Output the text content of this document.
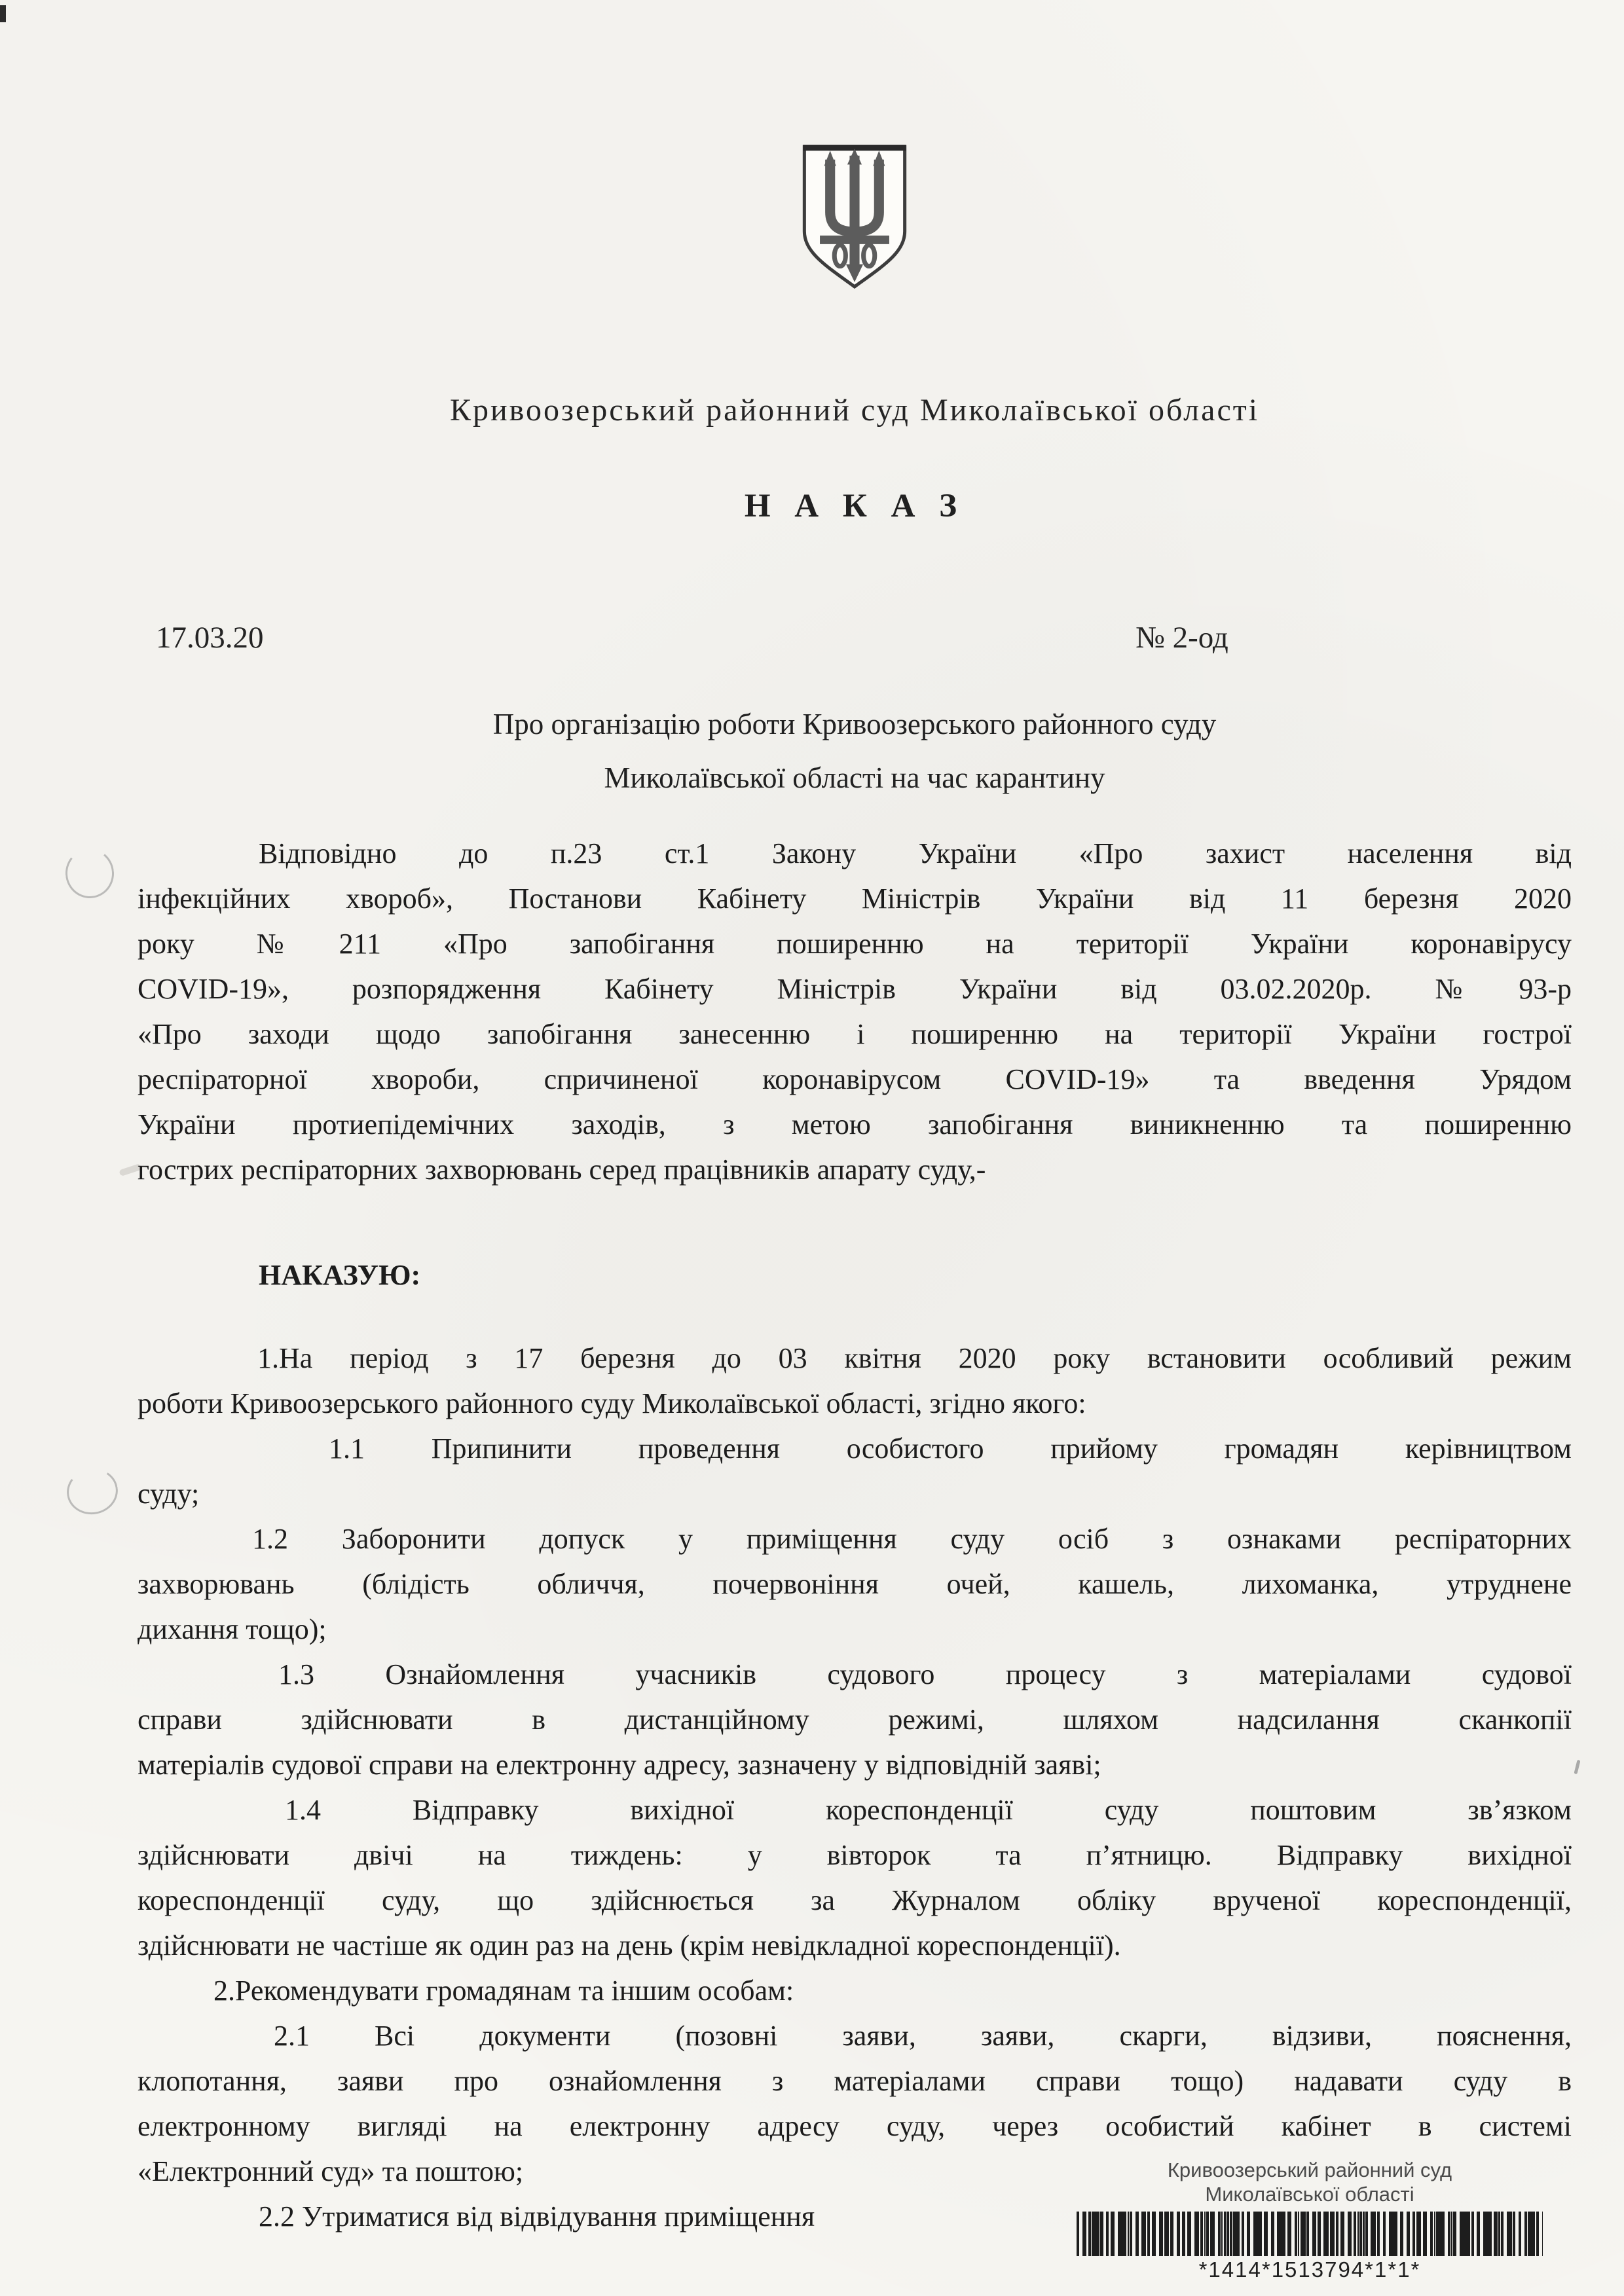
Кривоозерський районний суд Миколаївської області
Н А К А З
17.03.20	№ 2-од
Про організацію роботи Кривоозерського районного суду
Миколаївської області на час карантину
Відповідно до п.23 ст.1 Закону України «Про захист населення від
інфекційних хвороб», Постанови Кабінету Міністрів України від 11 березня 2020
року №211 «Про запобігання поширенню на території України коронавірусу
COVID-19», розпорядження Кабінету Міністрів України від 03.02.2020р. №93-р
«Про заходи щодо запобігання занесенню і поширенню на території України гострої
респіраторної хвороби, спричиненої коронавірусом COVID-19» та введення Урядом
України протиепідемічних заходів, з метою запобігання виникненню та поширенню
гострих респіраторних захворювань серед працівників апарату суду,-
НАКАЗУЮ:
1.На період з 17 березня до 03 квітня 2020 року встановити особливий режим
роботи Кривоозерського районного суду Миколаївської області, згідно якого:
1.1 Припинити проведення особистого прийому громадян керівництвом
суду;
1.2 Заборонити допуск у приміщення суду осіб з ознаками респіраторних
захворювань (блідість обличчя, почервоніння очей, кашель, лихоманка, утруднене
дихання тощо);
1.3 Ознайомлення учасників судового процесу з матеріалами судової
справи здійснювати в дистанційному режимі, шляхом надсилання сканкопії
матеріалів судової справи на електронну адресу, зазначену у відповідній заяві;
1.4 Відправку вихідної кореспонденції суду поштовим зв’язком
здійснювати двічі на тиждень: у вівторок та п’ятницю. Відправку вихідної
кореспонденції суду, що здійснюється за Журналом обліку врученої кореспонденції,
здійснювати не частіше як один раз на день (крім невідкладної кореспонденції).
2.Рекомендувати громадянам та іншим особам:
2.1 Всі документи (позовні заяви, заяви, скарги, відзиви, пояснення,
клопотання, заяви про ознайомлення з матеріалами справи тощо) надавати суду в
електронному вигляді на електронну адресу суду, через особистий кабінет в системі
«Електронний суд» та поштою;
2.2 Утриматися від відвідування приміщення
Кривоозерський районний суд
Миколаївської області
*1414*1513794*1*1*
